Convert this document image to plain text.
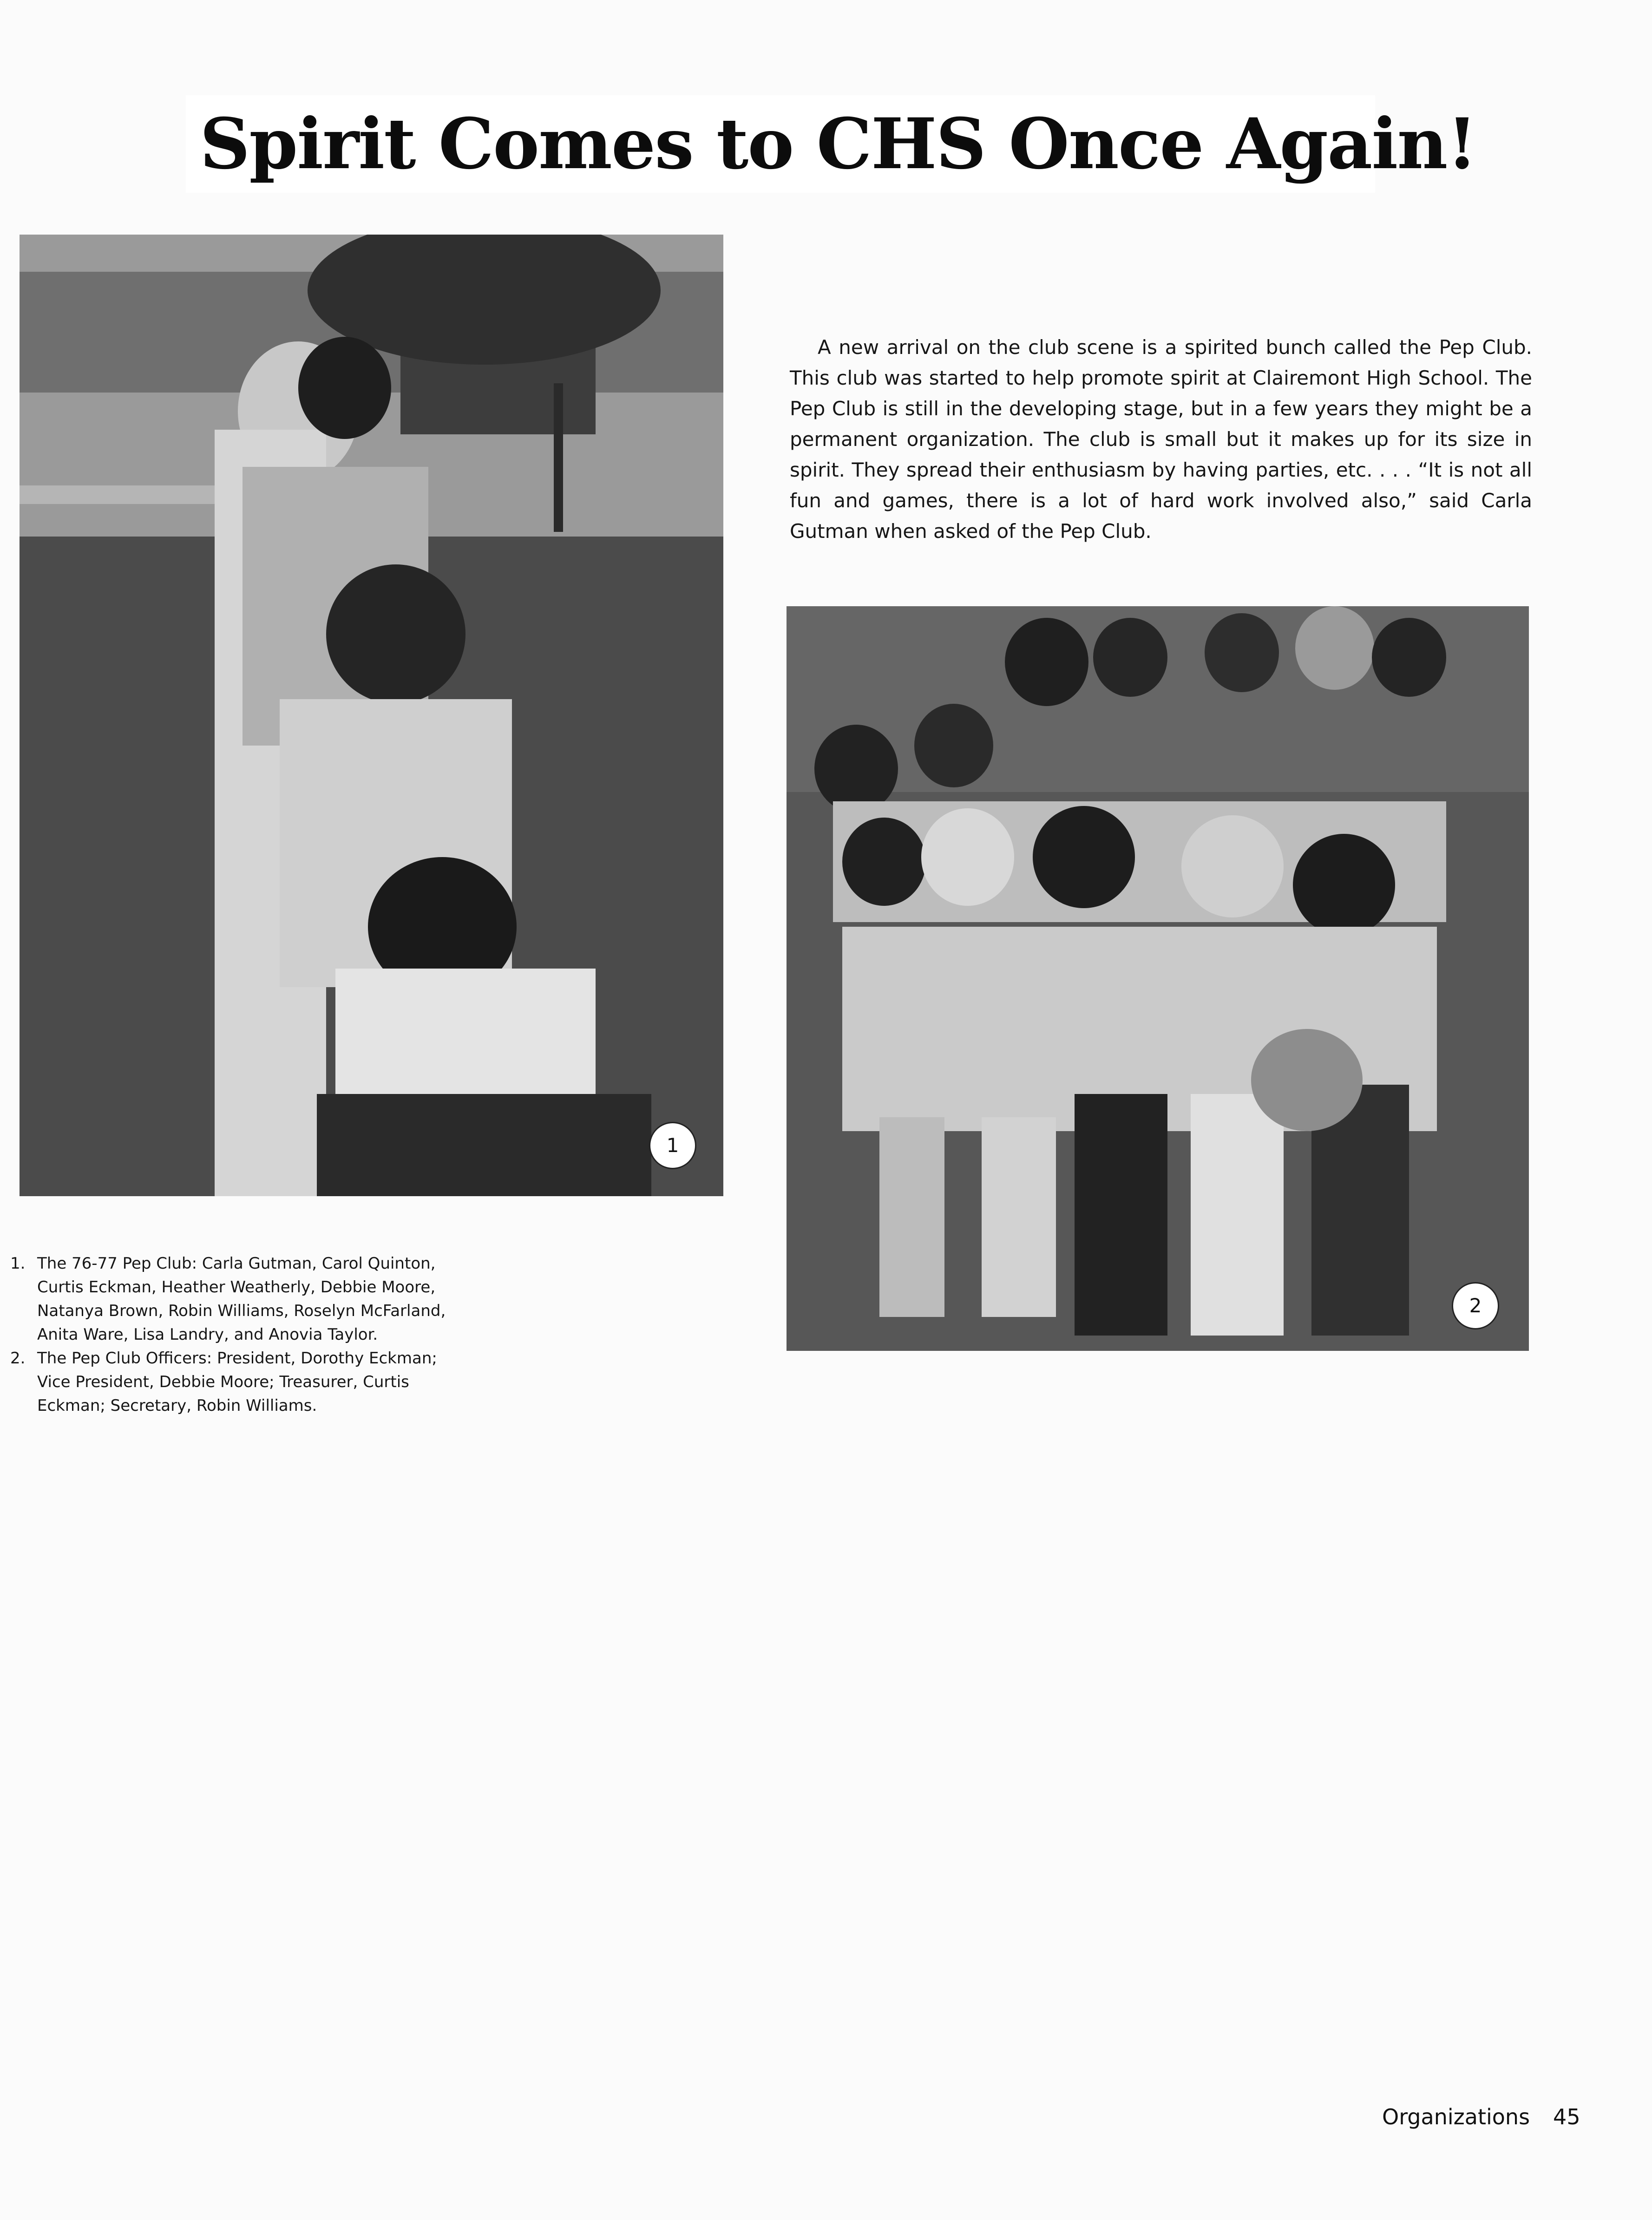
Spirit Comes to CHS Once Again!
1

A new arrival on the club scene is a spirited bunch called the Pep Club. This club was started to help promote spirit at Clairemont High School. The Pep Club is still in the developing stage, but in a few years they might be a permanent organization. The club is small but it makes up for its size in spirit. They spread their enthusiasm by having parties, etc. . . . “It is not all fun and games, there is a lot of hard work involved also,” said Carla Gutman when asked of the Pep Club.

2
1. The 76-77 Pep Club: Carla Gutman, Carol Quinton, Curtis Eckman, Heather Weatherly, Debbie Moore, Natanya Brown, Robin Williams, Roselyn McFarland, Anita Ware, Lisa Landry, and Anovia Taylor.
2. The Pep Club Officers: President, Dorothy Eckman; Vice President, Debbie Moore; Treasurer, Curtis Eckman; Secretary, Robin Williams.
Organizations 45
